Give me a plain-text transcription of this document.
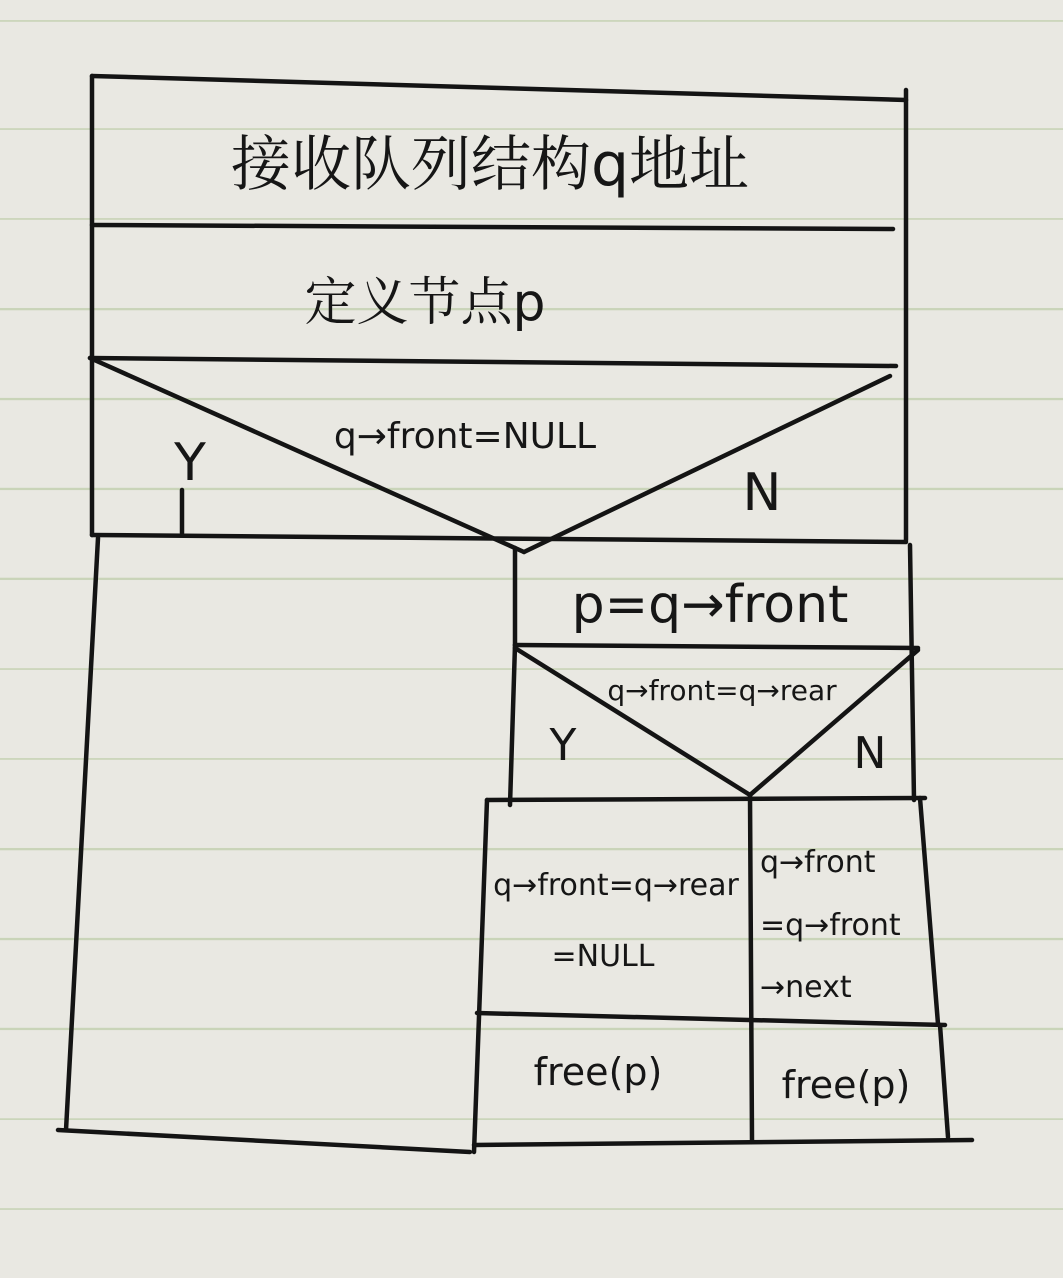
接收队列结构q地址
定义节点p
q→front=NULL
Y	N
p=q→front
q→front=q→rear
Y	N
q→front=q→rear
=NULL
q→front
=q→front
→next
free(p)	free(p)
